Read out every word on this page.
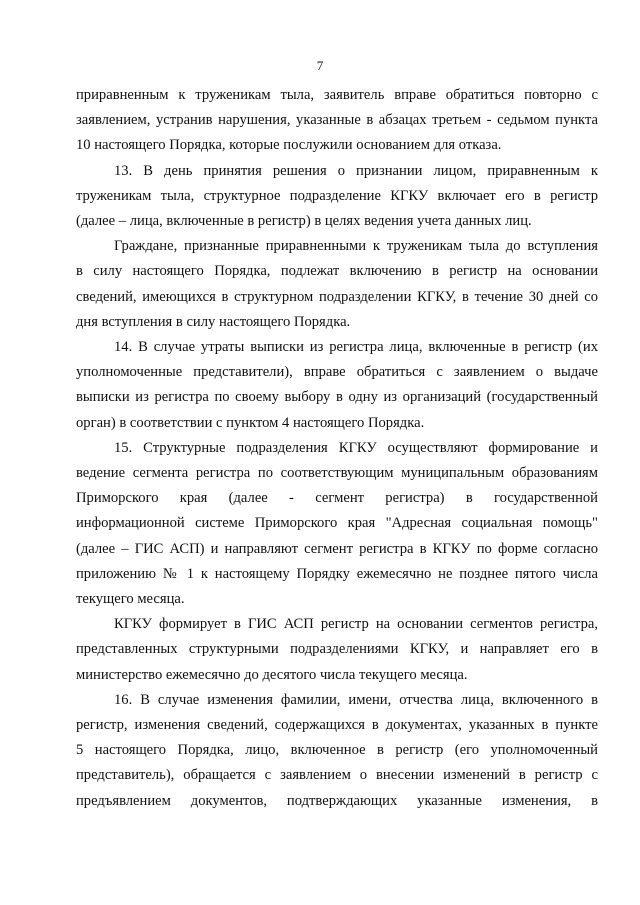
7
приравненным к труженикам тыла, заявитель вправе обратиться повторно с
заявлением, устранив нарушения, указанные в абзацах третьем - седьмом пункта
10 настоящего Порядка, которые послужили основанием для отказа.
13. В день принятия решения о признании лицом, приравненным к
труженикам тыла, структурное подразделение КГКУ включает его в регистр
(далее – лица, включенные в регистр) в целях ведения учета данных лиц.
Граждане, признанные приравненными к труженикам тыла до вступления
в силу настоящего Порядка, подлежат включению в регистр на основании
сведений, имеющихся в структурном подразделении КГКУ, в течение 30 дней со
дня вступления в силу настоящего Порядка.
14. В случае утраты выписки из регистра лица, включенные в регистр (их
уполномоченные представители), вправе обратиться с заявлением о выдаче
выписки из регистра по своему выбору в одну из организаций (государственный
орган) в соответствии с пунктом 4 настоящего Порядка.
15. Структурные подразделения КГКУ осуществляют формирование и
ведение сегмента регистра по соответствующим муниципальным образованиям
Приморского края (далее - сегмент регистра) в государственной
информационной системе Приморского края "Адресная социальная помощь"
(далее – ГИС АСП) и направляют сегмент регистра в КГКУ по форме согласно
приложению № 1 к настоящему Порядку ежемесячно не позднее пятого числа
текущего месяца.
КГКУ формирует в ГИС АСП регистр на основании сегментов регистра,
представленных структурными подразделениями КГКУ, и направляет его в
министерство ежемесячно до десятого числа текущего месяца.
16. В случае изменения фамилии, имени, отчества лица, включенного в
регистр, изменения сведений, содержащихся в документах, указанных в пункте
5 настоящего Порядка, лицо, включенное в регистр (его уполномоченный
представитель), обращается с заявлением о внесении изменений в регистр с
предъявлением документов, подтверждающих указанные изменения, в
